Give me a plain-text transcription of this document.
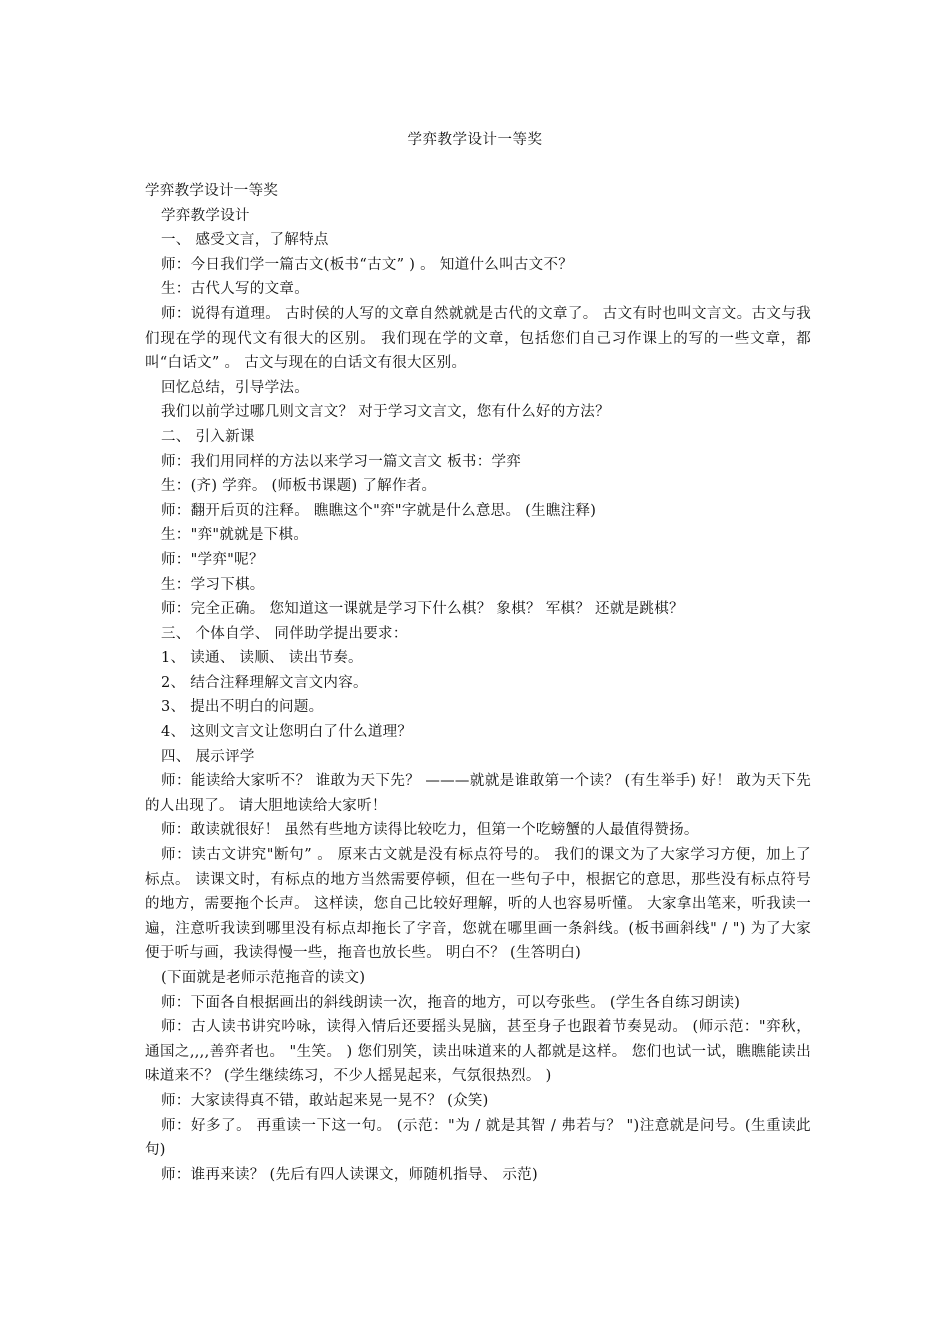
学弈教学设计一等奖

学弈教学设计一等奖

学弈教学设计

一、 感受文言，了解特点

师：今日我们学一篇古文(板书“古文” ) 。 知道什么叫古文不？

生：古代人写的文章。

师：说得有道理。 古时侯的人写的文章自然就就是古代的文章了。 古文有时也叫文言文。古文与我们现在学的现代文有很大的区别。 我们现在学的文章，包括您们自己习作课上的写的一些文章，都叫“白话文” 。 古文与现在的白话文有很大区别。

回忆总结，引导学法。

我们以前学过哪几则文言文？ 对于学习文言文，您有什么好的方法？

二、 引入新课

师：我们用同样的方法以来学习一篇文言文 板书：学弈

生：(齐) 学弈。 (师板书课题) 了解作者。

师：翻开后页的注释。 瞧瞧这个"弈"字就是什么意思。 (生瞧注释)

生："弈"就就是下棋。

师："学弈"呢？

生：学习下棋。

师：完全正确。 您知道这一课就是学习下什么棋？ 象棋？ 军棋？ 还就是跳棋？

三、 个体自学、 同伴助学提出要求：

1、 读通、 读顺、 读出节奏。

2、 结合注释理解文言文内容。

3、 提出不明白的问题。

4、 这则文言文让您明白了什么道理？

四、 展示评学

师：能读给大家听不？ 谁敢为天下先？ ———就就是谁敢第一个读？ (有生举手) 好！ 敢为天下先的人出现了。 请大胆地读给大家听！

师：敢读就很好！ 虽然有些地方读得比较吃力，但第一个吃螃蟹的人最值得赞扬。

师：读古文讲究"断句” 。 原来古文就是没有标点符号的。 我们的课文为了大家学习方便，加上了标点。 读课文时，有标点的地方当然需要停顿，但在一些句子中，根据它的意思，那些没有标点符号的地方，需要拖个长声。 这样读，您自己比较好理解，听的人也容易听懂。 大家拿出笔来，听我读一遍，注意听我读到哪里没有标点却拖长了字音，您就在哪里画一条斜线。(板书画斜线" / ") 为了大家便于听与画，我读得慢一些，拖音也放长些。 明白不？ (生答明白)

(下面就是老师示范拖音的读文)

师：下面各自根据画出的斜线朗读一次，拖音的地方，可以夸张些。 (学生各自练习朗读)

师：古人读书讲究吟咏，读得入情后还要摇头晃脑，甚至身子也跟着节奏晃动。 (师示范："弈秋，通国之,,,,善弈者也。 "生笑。 ) 您们别笑，读出味道来的人都就是这样。 您们也试一试，瞧瞧能读出味道来不？ (学生继续练习，不少人摇晃起来，气氛很热烈。 )

师：大家读得真不错，敢站起来晃一晃不？ (众笑)

师：好多了。 再重读一下这一句。 (示范："为 / 就是其智 / 弗若与？ ")注意就是问号。(生重读此句)

师：谁再来读？ (先后有四人读课文，师随机指导、 示范)
